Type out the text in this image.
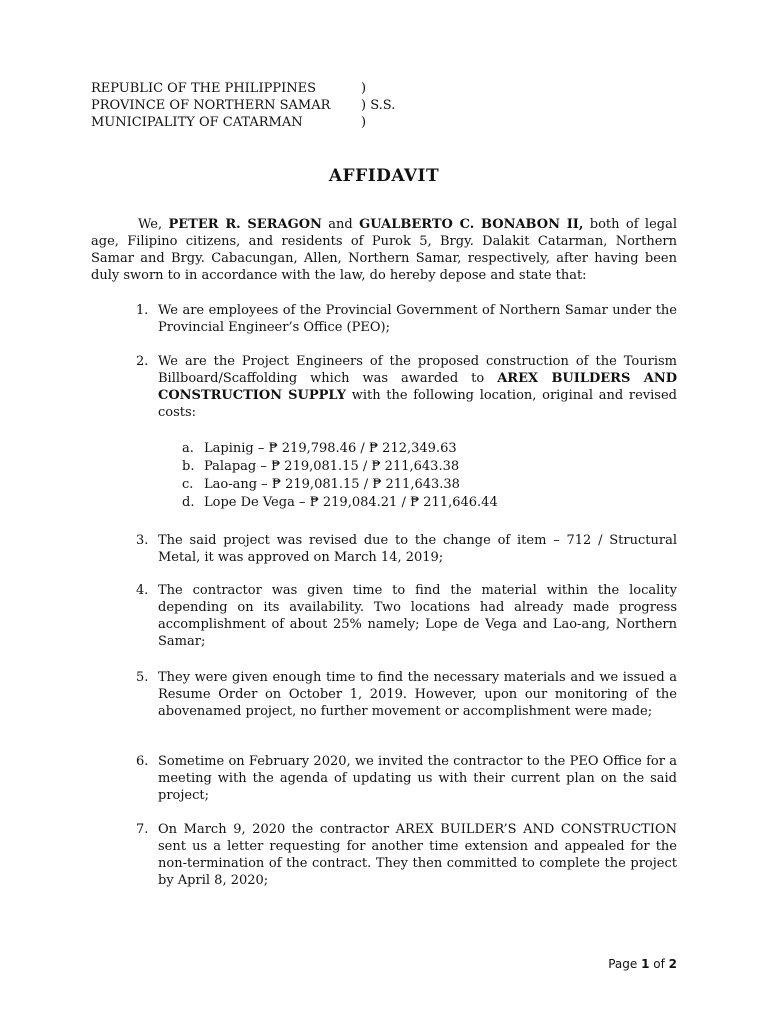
REPUBLIC OF THE PHILIPPINES	)
PROVINCE OF NORTHERN SAMAR	) S.S.
MUNICIPALITY OF CATARMAN	)
AFFIDAVIT
We, PETER R. SERAGON and GUALBERTO C. BONABON II, both of legal age, Filipino citizens, and residents of Purok 5, Brgy. Dalakit Catarman, Northern Samar and Brgy. Cabacungan, Allen, Northern Samar, respectively, after having been duly sworn to in accordance with the law, do hereby depose and state that:
1. We are employees of the Provincial Government of Northern Samar under the Provincial Engineer’s Office (PEO);
2. We are the Project Engineers of the proposed construction of the Tourism Billboard/Scaffolding which was awarded to AREX BUILDERS AND CONSTRUCTION SUPPLY with the following location, original and revised costs:
a. Lapinig – ₱ 219,798.46 / ₱ 212,349.63
b. Palapag – ₱ 219,081.15 / ₱ 211,643.38
c. Lao-ang – ₱ 219,081.15 / ₱ 211,643.38
d. Lope De Vega – ₱ 219,084.21 / ₱ 211,646.44
3. The said project was revised due to the change of item – 712 / Structural Metal, it was approved on March 14, 2019;
4. The contractor was given time to find the material within the locality depending on its availability. Two locations had already made progress accomplishment of about 25% namely; Lope de Vega and Lao-ang, Northern Samar;
5. They were given enough time to find the necessary materials and we issued a Resume Order on October 1, 2019. However, upon our monitoring of the abovenamed project, no further movement or accomplishment were made;
6. Sometime on February 2020, we invited the contractor to the PEO Office for a meeting with the agenda of updating us with their current plan on the said project;
7. On March 9, 2020 the contractor AREX BUILDER’S AND CONSTRUCTION sent us a letter requesting for another time extension and appealed for the non-termination of the contract. They then committed to complete the project by April 8, 2020;
Page 1 of 2
